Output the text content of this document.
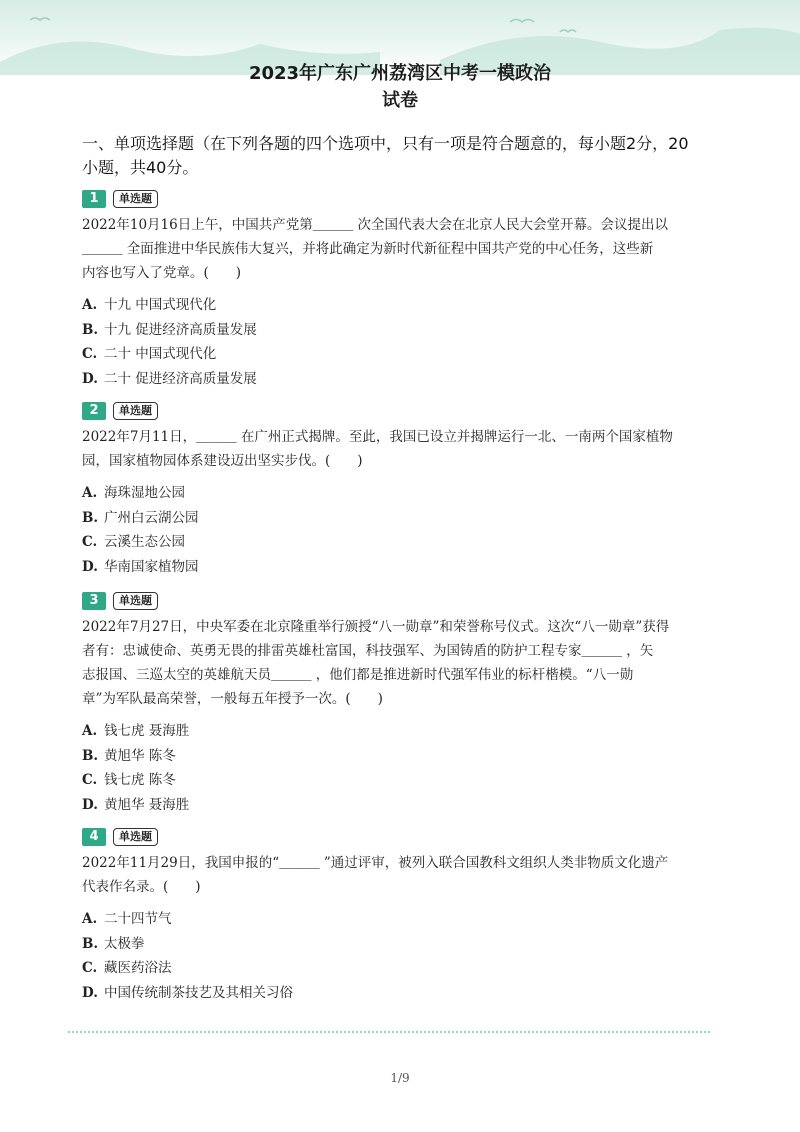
2023年广东广州荔湾区中考一模政治
试卷
一、单项选择题（在下列各题的四个选项中，只有一项是符合题意的，每小题2分，20
小题，共40分。
1	单选题

2022年10月16日上午，中国共产党第＿＿＿ 次全国代表大会在北京人民大会堂开幕。会议提出以
＿＿＿ 全面推进中华民族伟大复兴，并将此确定为新时代新征程中国共产党的中心任务，这些新
内容也写入了党章。(　　)

A. 十九 中国式现代化
B. 十九 促进经济高质量发展
C. 二十 中国式现代化
D. 二十 促进经济高质量发展
2	单选题

2022年7月11日，＿＿＿ 在广州正式揭牌。至此，我国已设立并揭牌运行一北、一南两个国家植物
园，国家植物园体系建设迈出坚实步伐。(　　)

A. 海珠湿地公园
B. 广州白云湖公园
C. 云溪生态公园
D. 华南国家植物园
3	单选题

2022年7月27日，中央军委在北京隆重举行颁授“八一勋章”和荣誉称号仪式。这次“八一勋章”获得
者有：忠诚使命、英勇无畏的排雷英雄杜富国，科技强军、为国铸盾的防护工程专家＿＿＿ ，矢
志报国、三巡太空的英雄航天员＿＿＿ ，他们都是推进新时代强军伟业的标杆楷模。“八一勋
章”为军队最高荣誉，一般每五年授予一次。(　　)

A. 钱七虎 聂海胜
B. 黄旭华 陈冬
C. 钱七虎 陈冬
D. 黄旭华 聂海胜
4	单选题

2022年11月29日，我国申报的“＿＿＿ ”通过评审，被列入联合国教科文组织人类非物质文化遗产
代表作名录。(　　)

A. 二十四节气
B. 太极拳
C. 藏医药浴法
D. 中国传统制茶技艺及其相关习俗
1/9
